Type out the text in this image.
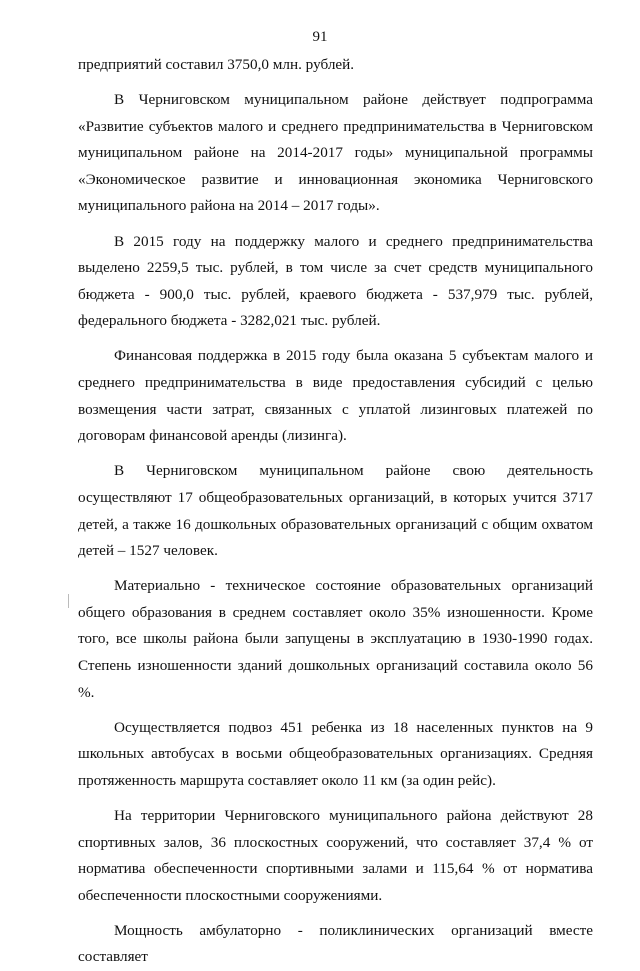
91

предприятий составил 3750,0 млн. рублей.

В Черниговском муниципальном районе действует подпрограмма «Развитие субъектов малого и среднего предпринимательства в Черниговском муниципальном районе на 2014-2017 годы» муниципальной программы «Экономическое развитие и инновационная экономика Черниговского муниципального района на 2014 – 2017 годы».

В 2015 году на поддержку малого и среднего предпринимательства выделено 2259,5 тыс. рублей, в том числе за счет средств муниципального бюджета - 900,0 тыс. рублей, краевого бюджета - 537,979 тыс. рублей, федерального бюджета - 3282,021 тыс. рублей.

Финансовая поддержка в 2015 году была оказана 5 субъектам малого и среднего предпринимательства в виде предоставления субсидий с целью возмещения части затрат, связанных с уплатой лизинговых платежей по договорам финансовой аренды (лизинга).

В Черниговском муниципальном районе свою деятельность осуществляют 17 общеобразовательных организаций, в которых учится 3717 детей, а также 16 дошкольных образовательных организаций с общим охватом детей – 1527 человек.

Материально - техническое состояние образовательных организаций общего образования в среднем составляет около 35% изношенности. Кроме того, все школы района были запущены в эксплуатацию в 1930-1990 годах. Степень изношенности зданий дошкольных организаций составила около 56 %.

Осуществляется подвоз 451 ребенка из 18 населенных пунктов на 9 школьных автобусах в восьми общеобразовательных организациях. Средняя протяженность маршрута составляет около 11 км (за один рейс).

На территории Черниговского муниципального района действуют 28 спортивных залов, 36 плоскостных сооружений, что составляет 37,4 % от норматива обеспеченности спортивными залами и 115,64 % от норматива обеспеченности плоскостными сооружениями.

Мощность амбулаторно - поликлинических организаций вместе составляет
